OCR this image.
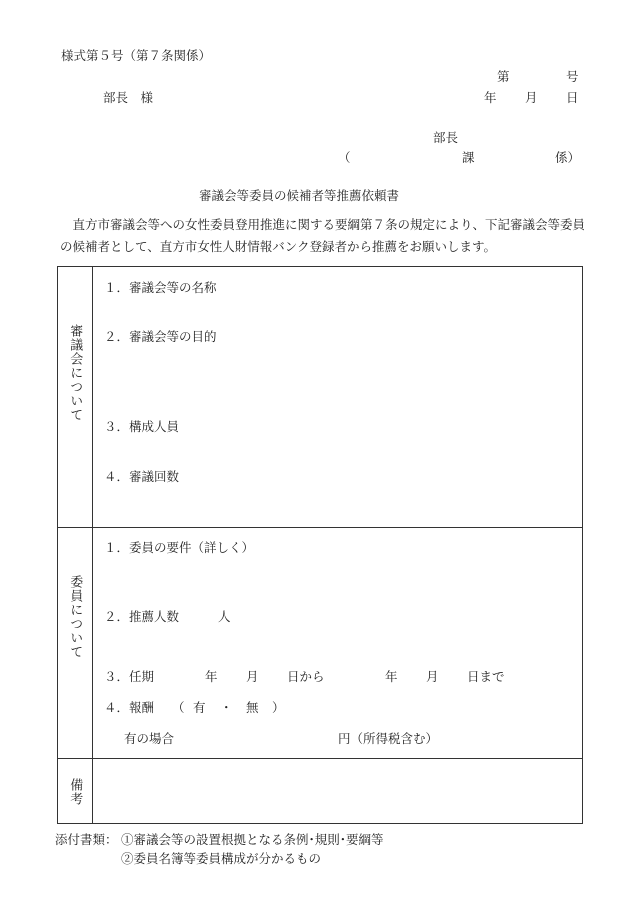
様式第５号（第７条関係）
第	号
部長　様	年 月 日
部長
（	課	係）
審議会等委員の候補者等推薦依頼書
　直方市審議会等への女性委員登用推進に関する要綱第７条の規定により、下記審議会等委員の候補者として、直方市女性人財情報バンク登録者から推薦をお願いします。
審議会について
１．審議会等の名称
２．審議会等の目的
３．構成人員
４．審議回数
委員について
１．委員の要件（詳しく）
２．推薦人数	人
３．任期	年 月 日から	年 月 日まで
４．報酬 （ 有 ・ 無 ）
有の場合	円（所得税含む）
備考
添付書類： ①審議会等の設置根拠となる条例･規則･要綱等
②委員名簿等委員構成が分かるもの
